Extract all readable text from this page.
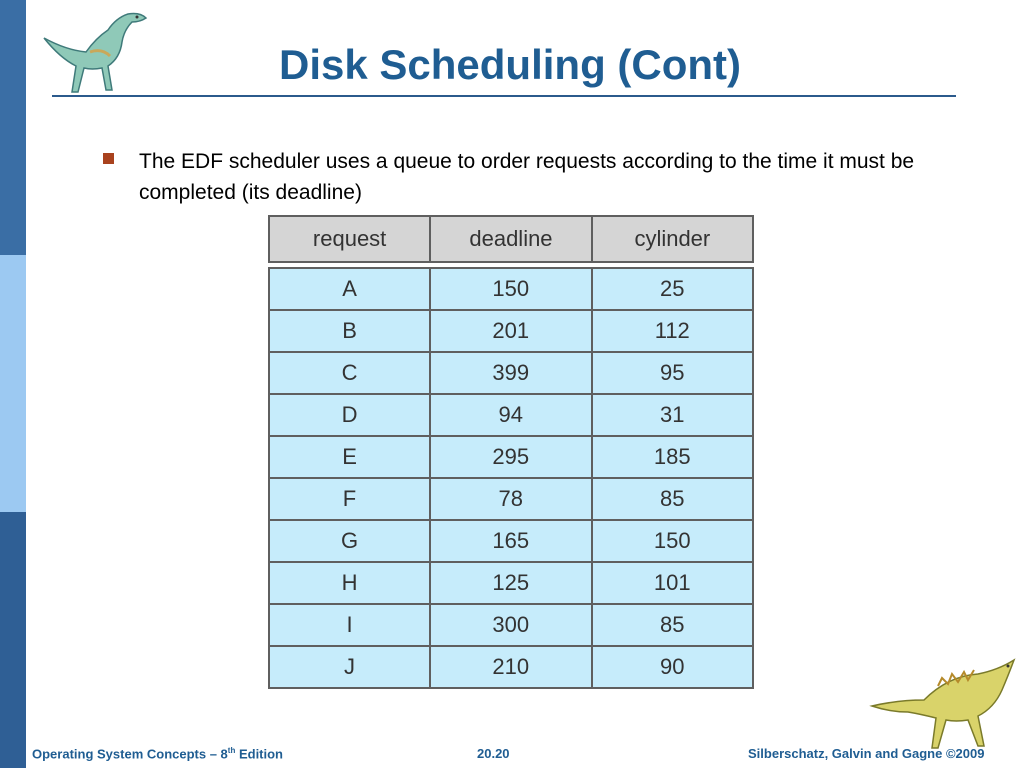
Disk Scheduling (Cont)
The EDF scheduler uses a queue to order requests according to the time it must be completed (its deadline)
request	deadline	cylinder
A	150	25
B	201	112
C	399	95
D	94	31
E	295	185
F	78	85
G	165	150
H	125	101
I	300	85
J	210	90
Operating System Concepts – 8th Edition	20.20	Silberschatz, Galvin and Gagne ©2009
